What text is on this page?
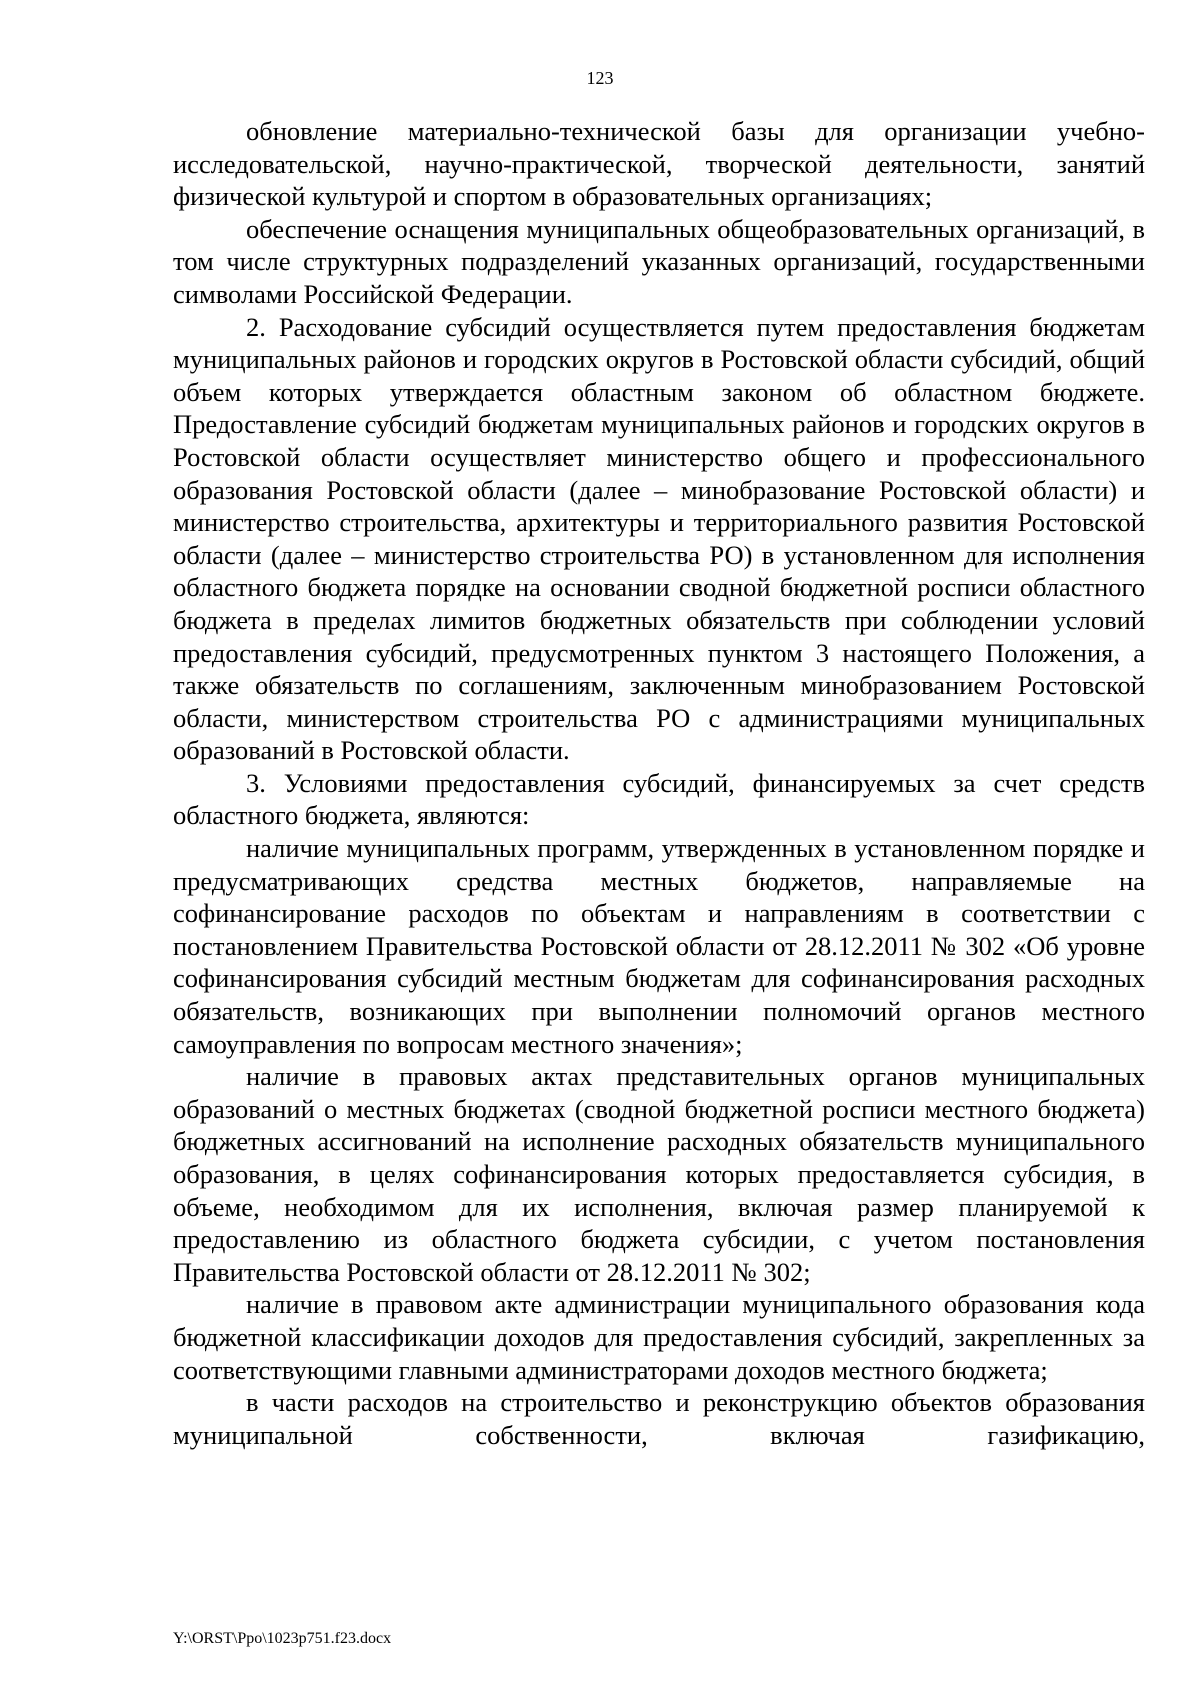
123

обновление материально-технической базы для организации учебно-исследовательской, научно-практической, творческой деятельности, занятий физической культурой и спортом в образовательных организациях;

обеспечение оснащения муниципальных общеобразовательных организаций, в том числе структурных подразделений указанных организаций, государственными символами Российской Федерации.

2. Расходование субсидий осуществляется путем предоставления бюджетам муниципальных районов и городских округов в Ростовской области субсидий, общий объем которых утверждается областным законом об областном бюджете. Предоставление субсидий бюджетам муниципальных районов и городских округов в Ростовской области осуществляет министерство общего и профессионального образования Ростовской области (далее – минобразование Ростовской области) и министерство строительства, архитектуры и территориального развития Ростовской области (далее – министерство строительства РО) в установленном для исполнения областного бюджета порядке на основании сводной бюджетной росписи областного бюджета в пределах лимитов бюджетных обязательств при соблюдении условий предоставления субсидий, предусмотренных пунктом 3 настоящего Положения, а также обязательств по соглашениям, заключенным минобразованием Ростовской области, министерством строительства РО с администрациями муниципальных образований в Ростовской области.

3. Условиями предоставления субсидий, финансируемых за счет средств областного бюджета, являются:

наличие муниципальных программ, утвержденных в установленном порядке и предусматривающих средства местных бюджетов, направляемые на софинансирование расходов по объектам и направлениям в соответствии с постановлением Правительства Ростовской области от 28.12.2011 № 302 «Об уровне софинансирования субсидий местным бюджетам для софинансирования расходных обязательств, возникающих при выполнении полномочий органов местного самоуправления по вопросам местного значения»;

наличие в правовых актах представительных органов муниципальных образований о местных бюджетах (сводной бюджетной росписи местного бюджета) бюджетных ассигнований на исполнение расходных обязательств муниципального образования, в целях софинансирования которых предоставляется субсидия, в объеме, необходимом для их исполнения, включая размер планируемой к предоставлению из областного бюджета субсидии, с учетом постановления Правительства Ростовской области от 28.12.2011 № 302;

наличие в правовом акте администрации муниципального образования кода бюджетной классификации доходов для предоставления субсидий, закрепленных за соответствующими главными администраторами доходов местного бюджета;

в части расходов на строительство и реконструкцию объектов образования муниципальной собственности, включая газификацию,

Y:\ORST\Ppo\1023p751.f23.docx
